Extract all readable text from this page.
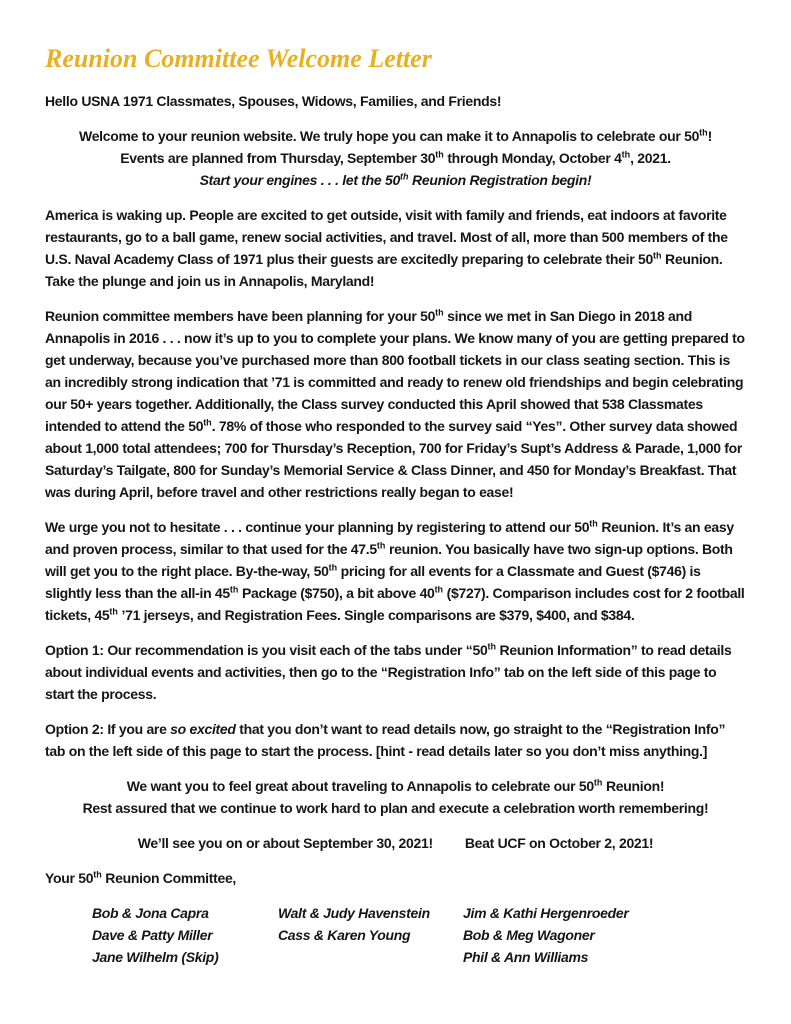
Reunion Committee Welcome Letter
Hello USNA 1971 Classmates, Spouses, Widows, Families, and Friends!
Welcome to your reunion website. We truly hope you can make it to Annapolis to celebrate our 50th!
Events are planned from Thursday, September 30th through Monday, October 4th, 2021.
Start your engines . . . let the 50th Reunion Registration begin!
America is waking up. People are excited to get outside, visit with family and friends, eat indoors at favorite restaurants, go to a ball game, renew social activities, and travel. Most of all, more than 500 members of the U.S. Naval Academy Class of 1971 plus their guests are excitedly preparing to celebrate their 50th Reunion. Take the plunge and join us in Annapolis, Maryland!
Reunion committee members have been planning for your 50th since we met in San Diego in 2018 and Annapolis in 2016 . . . now it’s up to you to complete your plans. We know many of you are getting prepared to get underway, because you’ve purchased more than 800 football tickets in our class seating section. This is an incredibly strong indication that ’71 is committed and ready to renew old friendships and begin celebrating our 50+ years together. Additionally, the Class survey conducted this April showed that 538 Classmates intended to attend the 50th. 78% of those who responded to the survey said “Yes”. Other survey data showed about 1,000 total attendees; 700 for Thursday’s Reception, 700 for Friday’s Supt’s Address & Parade, 1,000 for Saturday’s Tailgate, 800 for Sunday’s Memorial Service & Class Dinner, and 450 for Monday’s Breakfast. That was during April, before travel and other restrictions really began to ease!
We urge you not to hesitate . . . continue your planning by registering to attend our 50th Reunion. It’s an easy and proven process, similar to that used for the 47.5th reunion. You basically have two sign-up options. Both will get you to the right place. By-the-way, 50th pricing for all events for a Classmate and Guest ($746) is slightly less than the all-in 45th Package ($750), a bit above 40th ($727). Comparison includes cost for 2 football tickets, 45th ’71 jerseys, and Registration Fees. Single comparisons are $379, $400, and $384.
Option 1: Our recommendation is you visit each of the tabs under “50th Reunion Information” to read details about individual events and activities, then go to the “Registration Info” tab on the left side of this page to start the process.
Option 2: If you are so excited that you don’t want to read details now, go straight to the “Registration Info” tab on the left side of this page to start the process. [hint - read details later so you don’t miss anything.]
We want you to feel great about traveling to Annapolis to celebrate our 50th Reunion!
Rest assured that we continue to work hard to plan and execute a celebration worth remembering!
We’ll see you on or about September 30, 2021! Beat UCF on October 2, 2021!
Your 50th Reunion Committee,
Bob & Jona Capra
Dave & Patty Miller
Jane Wilhelm (Skip)
Walt & Judy Havenstein
Cass & Karen Young
Jim & Kathi Hergenroeder
Bob & Meg Wagoner
Phil & Ann Williams
